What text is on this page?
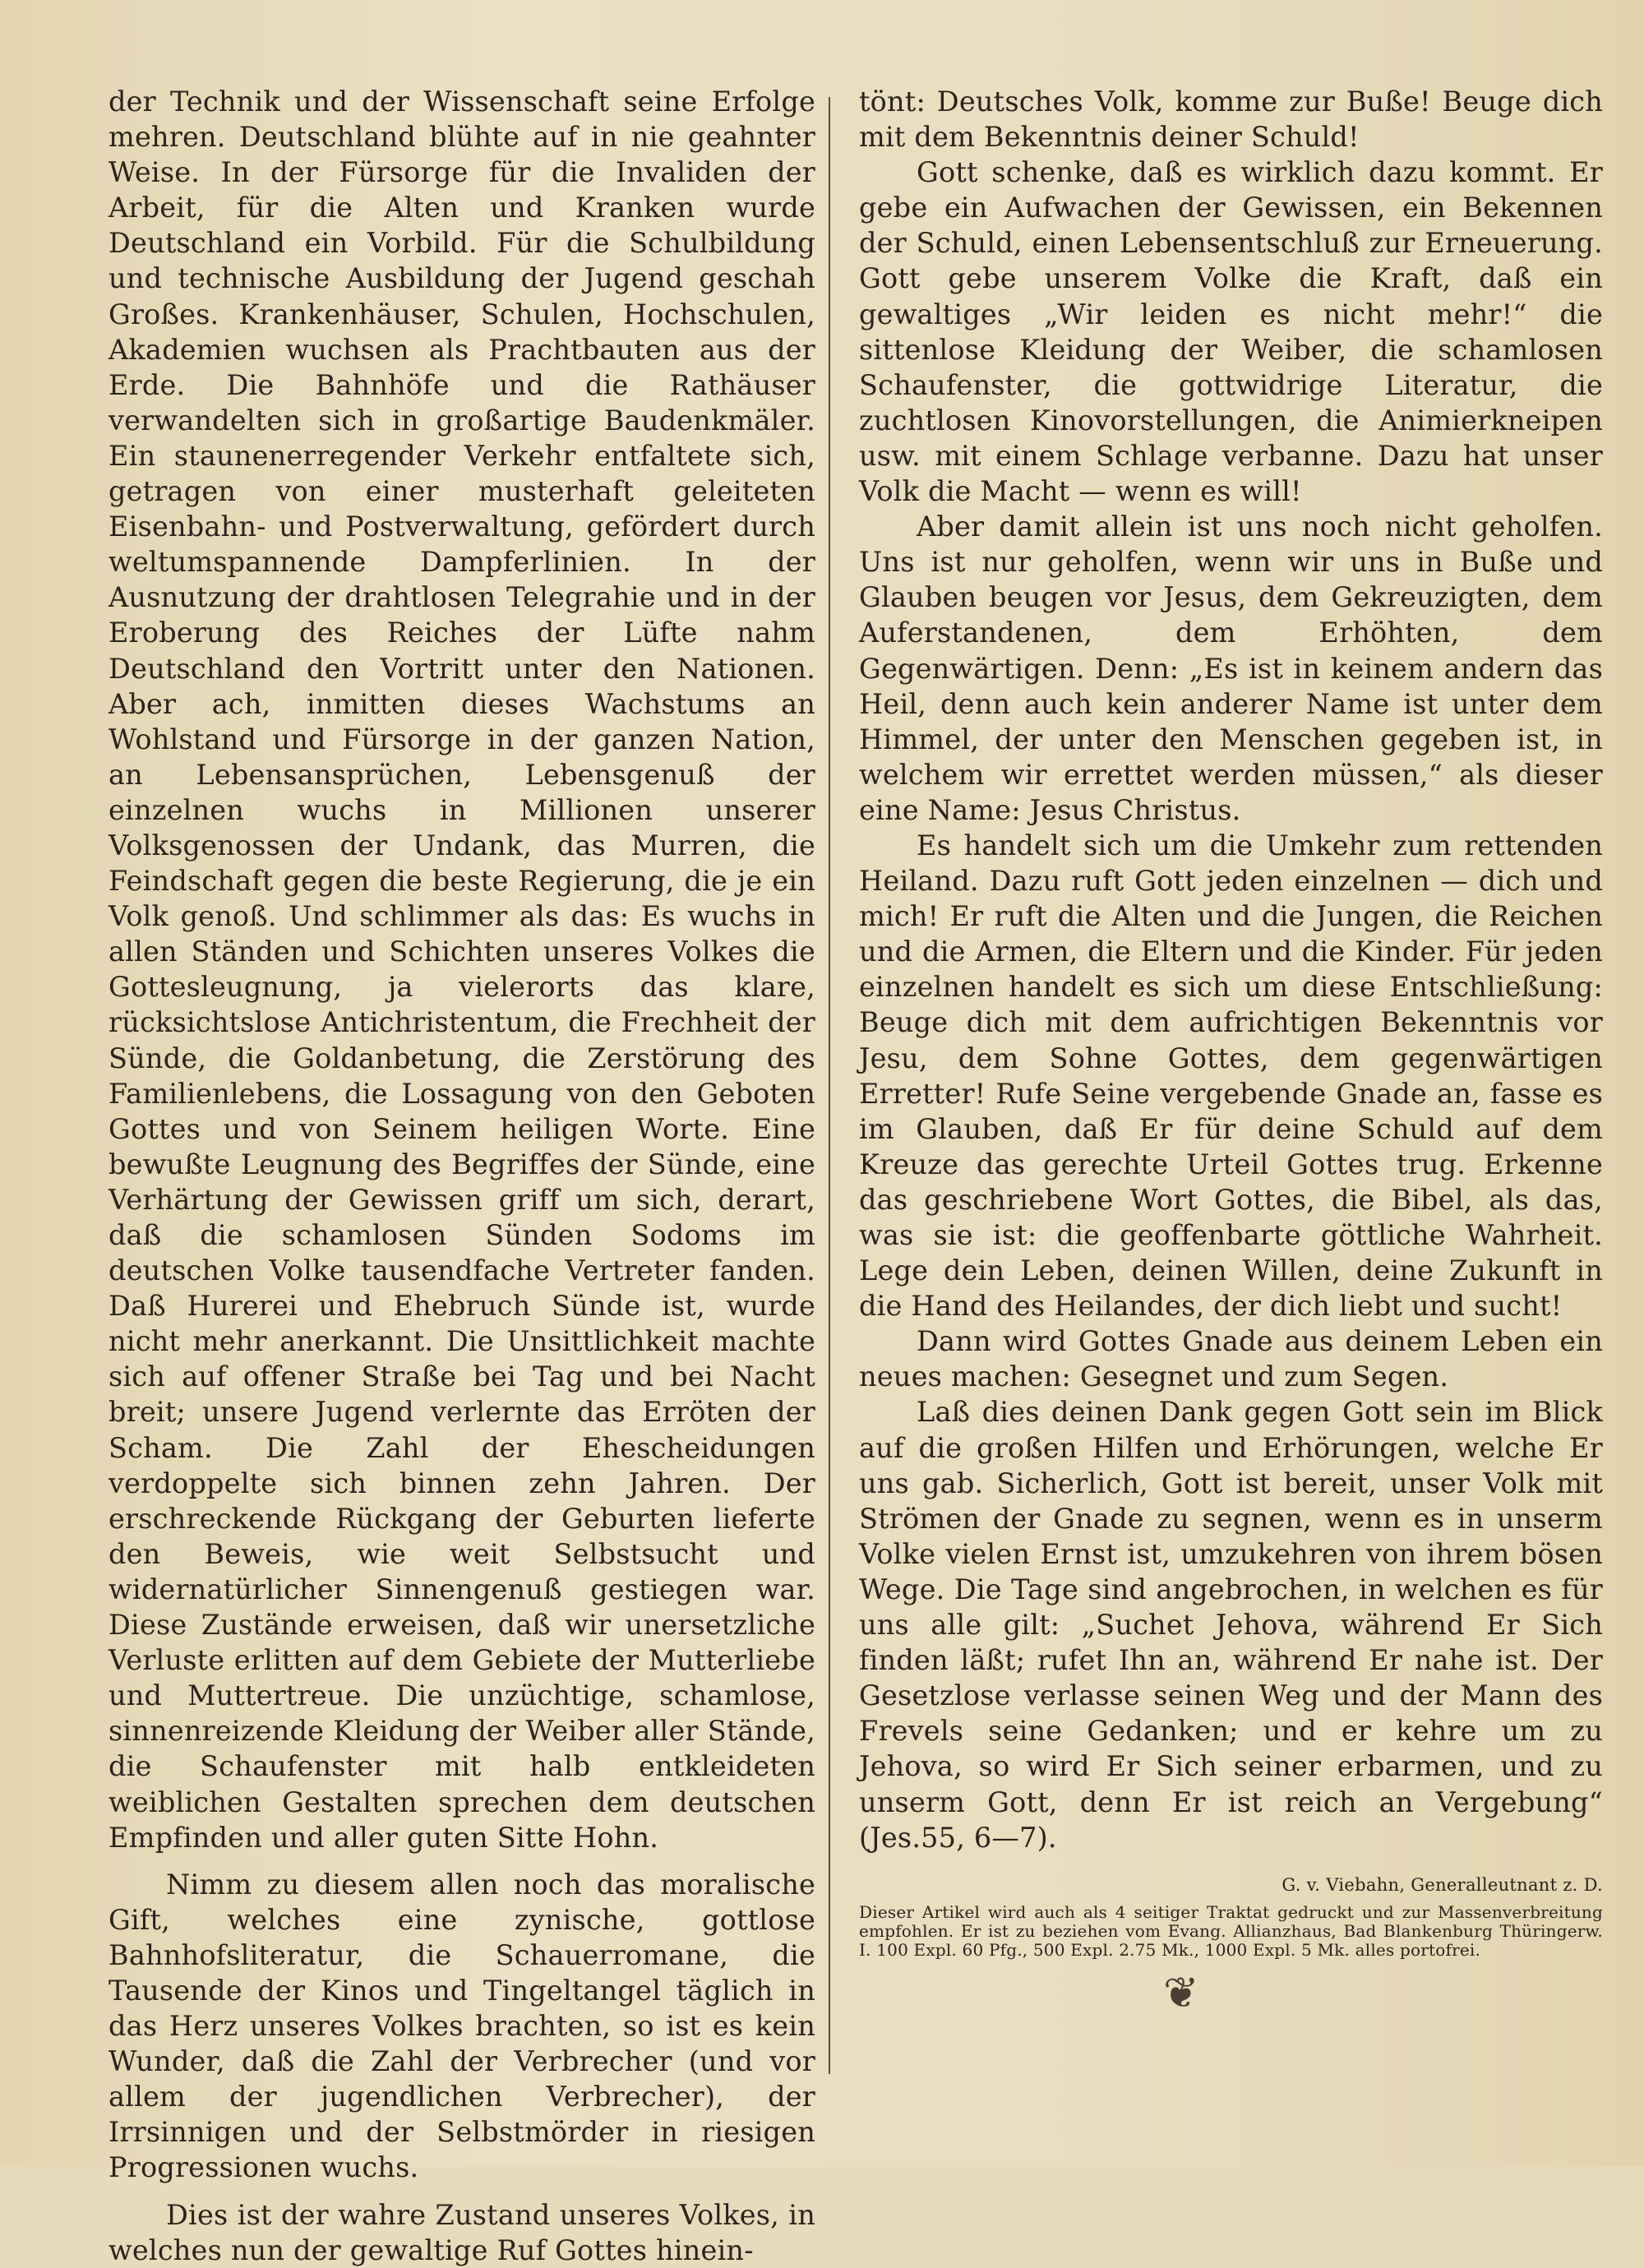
der Technik und der Wissenschaft seine Erfolge mehren. Deutschland blühte auf in nie geahnter Weise. In der Fürsorge für die Invaliden der Arbeit, für die Alten und Kranken wurde Deutschland ein Vorbild. Für die Schulbildung und technische Ausbildung der Jugend geschah Großes. Krankenhäuser, Schulen, Hochschulen, Akademien wuchsen als Prachtbauten aus der Erde. Die Bahnhöfe und die Rathäuser verwandelten sich in großartige Baudenkmäler. Ein staunenerregender Verkehr entfaltete sich, getragen von einer musterhaft geleiteten Eisenbahn- und Postverwaltung, gefördert durch weltumspannende Dampferlinien. In der Ausnutzung der drahtlosen Telegrahie und in der Eroberung des Reiches der Lüfte nahm Deutschland den Vortritt unter den Nationen. Aber ach, inmitten dieses Wachstums an Wohlstand und Fürsorge in der ganzen Nation, an Lebensansprüchen, Lebensgenuß der einzelnen wuchs in Millionen unserer Volksgenossen der Undank, das Murren, die Feindschaft gegen die beste Regierung, die je ein Volk genoß. Und schlimmer als das: Es wuchs in allen Ständen und Schichten unseres Volkes die Gottesleugnung, ja vielerorts das klare, rücksichtslose Antichristentum, die Frechheit der Sünde, die Goldanbetung, die Zerstörung des Familienlebens, die Lossagung von den Geboten Gottes und von Seinem heiligen Worte. Eine bewußte Leugnung des Begriffes der Sünde, eine Verhärtung der Gewissen griff um sich, derart, daß die schamlosen Sünden Sodoms im deutschen Volke tausendfache Vertreter fanden. Daß Hurerei und Ehebruch Sünde ist, wurde nicht mehr anerkannt. Die Unsittlichkeit machte sich auf offener Straße bei Tag und bei Nacht breit; unsere Jugend verlernte das Erröten der Scham. Die Zahl der Ehescheidungen verdoppelte sich binnen zehn Jahren. Der erschreckende Rückgang der Geburten lieferte den Beweis, wie weit Selbstsucht und widernatürlicher Sinnengenuß gestiegen war. Diese Zustände erweisen, daß wir unersetzliche Verluste erlitten auf dem Gebiete der Mutterliebe und Muttertreue. Die unzüchtige, schamlose, sinnenreizende Kleidung der Weiber aller Stände, die Schaufenster mit halb entkleideten weiblichen Gestalten sprechen dem deutschen Empfinden und aller guten Sitte Hohn.

Nimm zu diesem allen noch das moralische Gift, welches eine zynische, gottlose Bahnhofsliteratur, die Schauerromane, die Tausende der Kinos und Tingeltangel täglich in das Herz unseres Volkes brachten, so ist es kein Wunder, daß die Zahl der Verbrecher (und vor allem der jugendlichen Verbrecher), der Irrsinnigen und der Selbstmörder in riesigen Progressionen wuchs.

Dies ist der wahre Zustand unseres Volkes, in welches nun der gewaltige Ruf Gottes hinein-

tönt: Deutsches Volk, komme zur Buße! Beuge dich mit dem Bekenntnis deiner Schuld!

Gott schenke, daß es wirklich dazu kommt. Er gebe ein Aufwachen der Gewissen, ein Bekennen der Schuld, einen Lebensentschluß zur Erneuerung. Gott gebe unserem Volke die Kraft, daß ein gewaltiges „Wir leiden es nicht mehr!“ die sittenlose Kleidung der Weiber, die schamlosen Schaufenster, die gottwidrige Literatur, die zuchtlosen Kinovorstellungen, die Animierkneipen usw. mit einem Schlage verbanne. Dazu hat unser Volk die Macht — wenn es will!

Aber damit allein ist uns noch nicht geholfen. Uns ist nur geholfen, wenn wir uns in Buße und Glauben beugen vor Jesus, dem Gekreuzigten, dem Auferstandenen, dem Erhöhten, dem Gegenwärtigen. Denn: „Es ist in keinem andern das Heil, denn auch kein anderer Name ist unter dem Himmel, der unter den Menschen gegeben ist, in welchem wir errettet werden müssen,“ als dieser eine Name: Jesus Christus.

Es handelt sich um die Umkehr zum rettenden Heiland. Dazu ruft Gott jeden einzelnen — dich und mich! Er ruft die Alten und die Jungen, die Reichen und die Armen, die Eltern und die Kinder. Für jeden einzelnen handelt es sich um diese Entschließung: Beuge dich mit dem aufrichtigen Bekenntnis vor Jesu, dem Sohne Gottes, dem gegenwärtigen Erretter! Rufe Seine vergebende Gnade an, fasse es im Glauben, daß Er für deine Schuld auf dem Kreuze das gerechte Urteil Gottes trug. Erkenne das geschriebene Wort Gottes, die Bibel, als das, was sie ist: die geoffenbarte göttliche Wahrheit. Lege dein Leben, deinen Willen, deine Zukunft in die Hand des Heilandes, der dich liebt und sucht!

Dann wird Gottes Gnade aus deinem Leben ein neues machen: Gesegnet und zum Segen.

Laß dies deinen Dank gegen Gott sein im Blick auf die großen Hilfen und Erhörungen, welche Er uns gab. Sicherlich, Gott ist bereit, unser Volk mit Strömen der Gnade zu segnen, wenn es in unserm Volke vielen Ernst ist, umzukehren von ihrem bösen Wege. Die Tage sind angebrochen, in welchen es für uns alle gilt: „Suchet Jehova, während Er Sich finden läßt; rufet Ihn an, während Er nahe ist. Der Gesetzlose verlasse seinen Weg und der Mann des Frevels seine Gedanken; und er kehre um zu Jehova, so wird Er Sich seiner erbarmen, und zu unserm Gott, denn Er ist reich an Vergebung“ (Jes.55, 6—7).

G. v. Viebahn, Generalleutnant z. D.

Dieser Artikel wird auch als 4 seitiger Traktat gedruckt und zur Massenverbreitung empfohlen. Er ist zu beziehen vom Evang. Allianzhaus, Bad Blankenburg Thüringerw. I. 100 Expl. 60 Pfg., 500 Expl. 2.75 Mk., 1000 Expl. 5 Mk. alles portofrei.

❦
